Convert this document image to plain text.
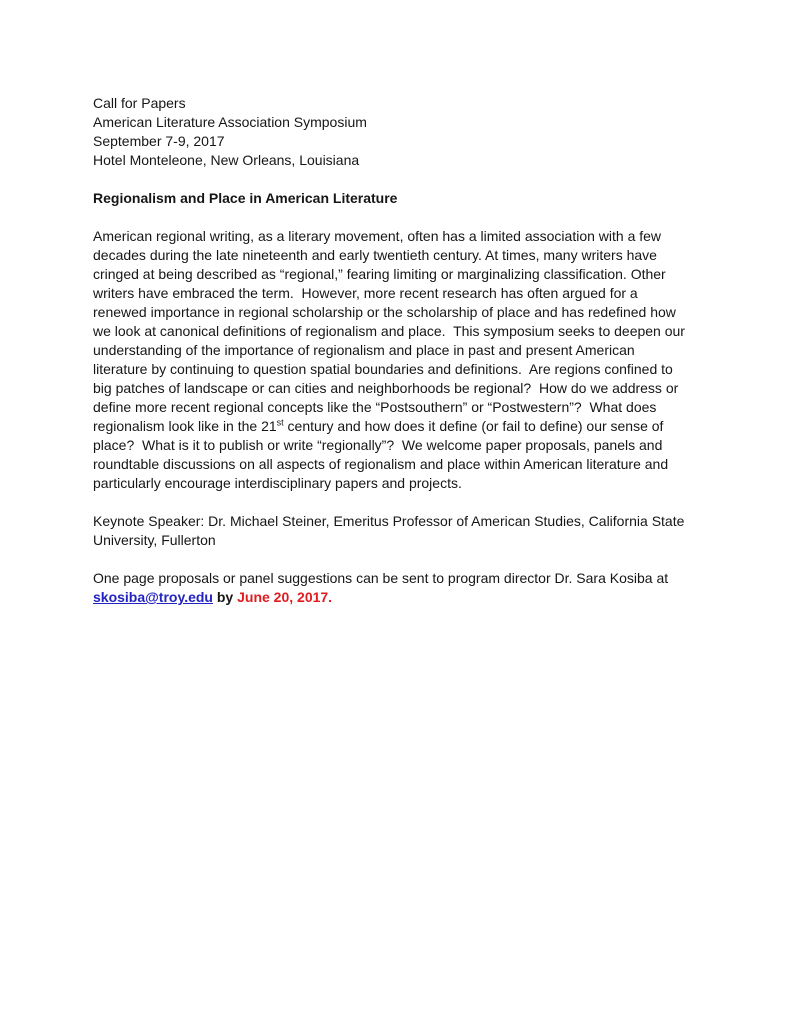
Call for Papers
American Literature Association Symposium
September 7-9, 2017
Hotel Monteleone, New Orleans, Louisiana
Regionalism and Place in American Literature
American regional writing, as a literary movement, often has a limited association with a few
decades during the late nineteenth and early twentieth century. At times, many writers have
cringed at being described as “regional,” fearing limiting or marginalizing classification. Other
writers have embraced the term.  However, more recent research has often argued for a
renewed importance in regional scholarship or the scholarship of place and has redefined how
we look at canonical definitions of regionalism and place.  This symposium seeks to deepen our
understanding of the importance of regionalism and place in past and present American
literature by continuing to question spatial boundaries and definitions.  Are regions confined to
big patches of landscape or can cities and neighborhoods be regional?  How do we address or
define more recent regional concepts like the “Postsouthern” or “Postwestern”?  What does
regionalism look like in the 21st century and how does it define (or fail to define) our sense of
place?  What is it to publish or write “regionally”?  We welcome paper proposals, panels and
roundtable discussions on all aspects of regionalism and place within American literature and
particularly encourage interdisciplinary papers and projects.
Keynote Speaker: Dr. Michael Steiner, Emeritus Professor of American Studies, California State
University, Fullerton
One page proposals or panel suggestions can be sent to program director Dr. Sara Kosiba at
skosiba@troy.edu by June 20, 2017.
